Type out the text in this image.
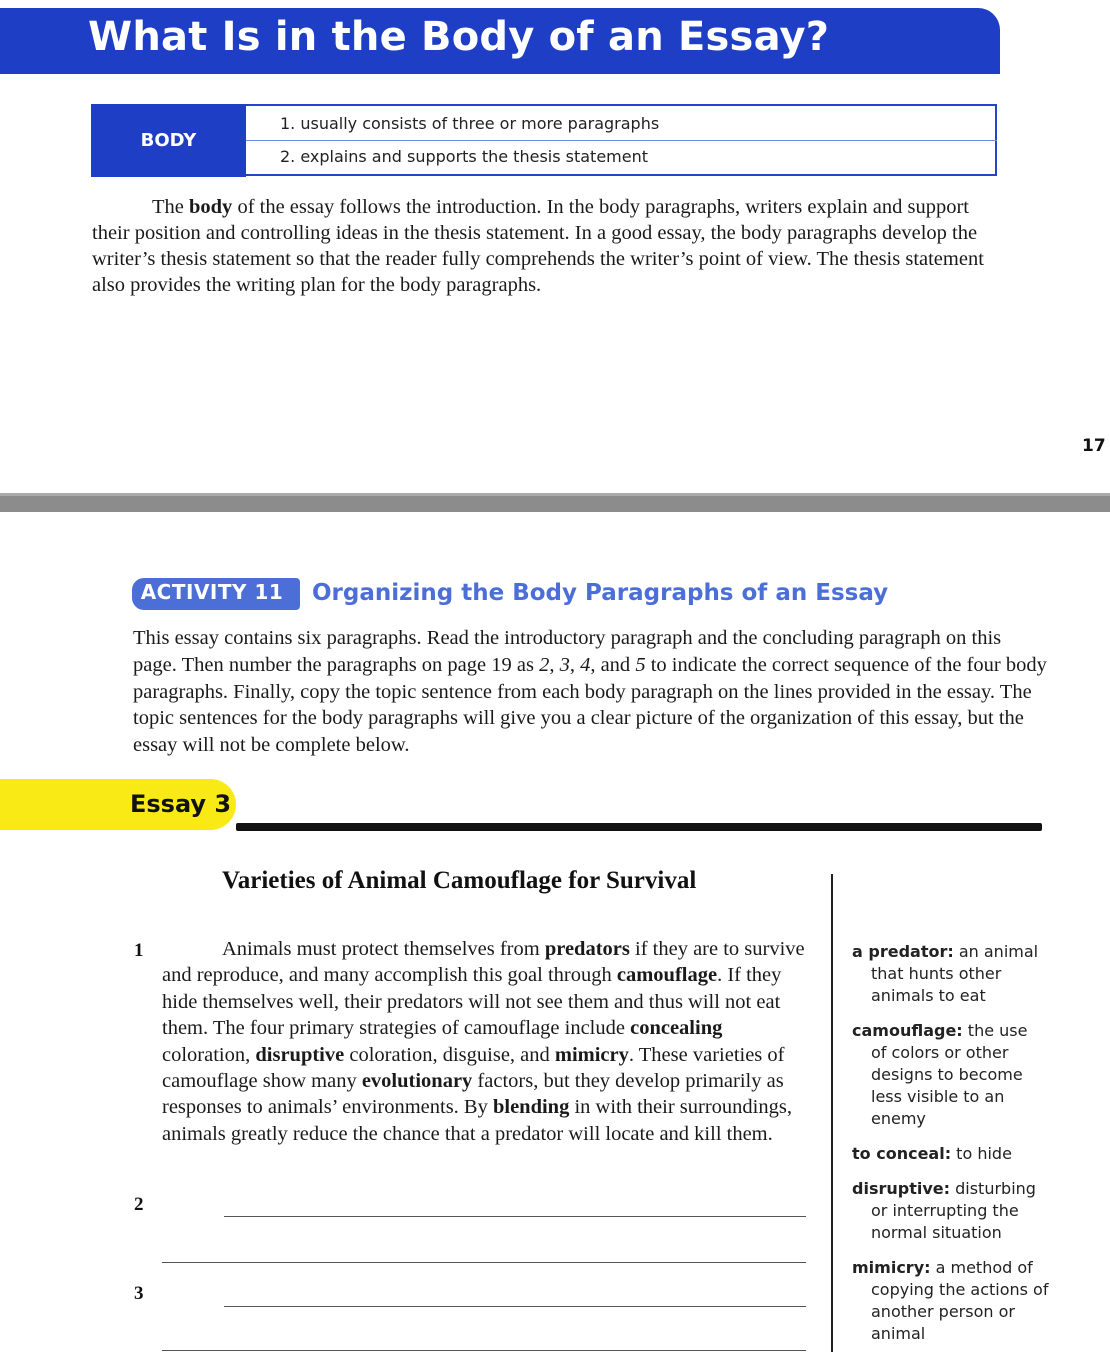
What Is in the Body of an Essay?
BODY
1. usually consists of three or more paragraphs
2. explains and supports the thesis statement
The body of the essay follows the introduction. In the body paragraphs, writers explain and support their position and controlling ideas in the thesis statement. In a good essay, the body paragraphs develop the writer’s thesis statement so that the reader fully comprehends the writer’s point of view. The thesis statement also provides the writing plan for the body paragraphs.
17
ACTIVITY 11	Organizing the Body Paragraphs of an Essay
This essay contains six paragraphs. Read the introductory paragraph and the concluding paragraph on this page. Then number the paragraphs on page 19 as 2, 3, 4, and 5 to indicate the correct sequence of the four body paragraphs. Finally, copy the topic sentence from each body paragraph on the lines provided in the essay. The topic sentences for the body paragraphs will give you a clear picture of the organization of this essay, but the essay will not be complete below.
Essay 3
Varieties of Animal Camouflage for Survival
1	Animals must protect themselves from predators if they are to survive and reproduce, and many accomplish this goal through camouflage. If they hide themselves well, their predators will not see them and thus will not eat them. The four primary strategies of camouflage include concealing coloration, disruptive coloration, disguise, and mimicry. These varieties of camouflage show many evolutionary factors, but they develop primarily as responses to animals’ environments. By blending in with their surroundings, animals greatly reduce the chance that a predator will locate and kill them.
2
3
a predator: an animal
that hunts other animals to eat
camouflage: the use
of colors or other designs to become less visible to an enemy
to conceal: to hide
disruptive: disturbing
or interrupting the normal situation
mimicry: a method of
copying the actions of another person or animal
